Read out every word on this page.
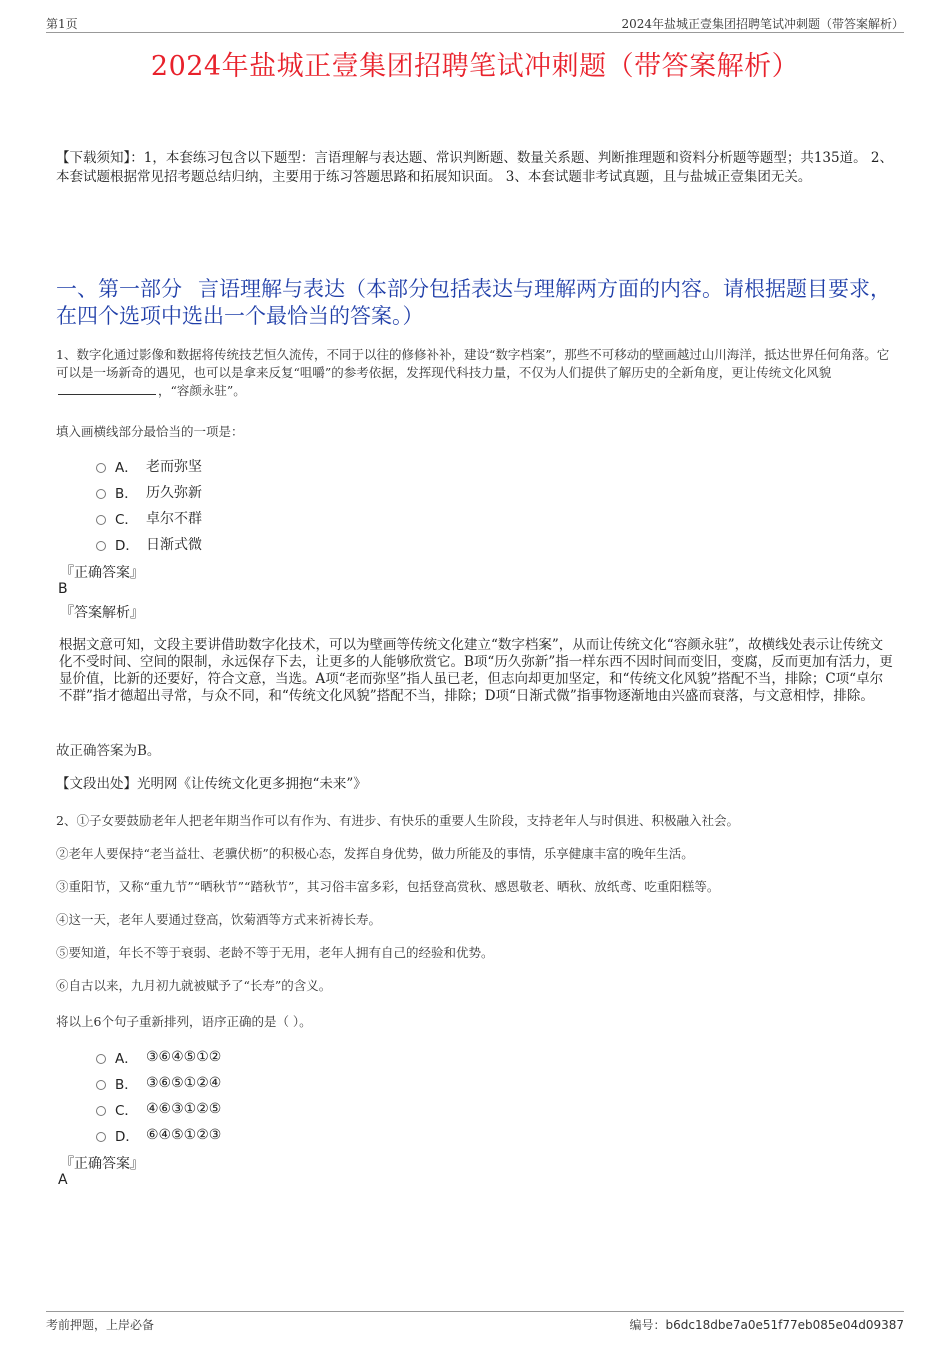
第1页	2024年盐城正壹集团招聘笔试冲刺题（带答案解析）
2024年盐城正壹集团招聘笔试冲刺题（带答案解析）
【下载须知】：1，本套练习包含以下题型：言语理解与表达题、常识判断题、数量关系题、判断推理题和资料分析题等题型；共135道。 2、本套试题根据常见招考题总结归纳，主要用于练习答题思路和拓展知识面。 3、本套试题非考试真题，且与盐城正壹集团无关。
一、第一部分 言语理解与表达（本部分包括表达与理解两方面的内容。请根据题目要求，在四个选项中选出一个最恰当的答案。）
1、数字化通过影像和数据将传统技艺恒久流传，不同于以往的修修补补，建设“数字档案”，那些不可移动的壁画越过山川海洋，抵达世界任何角落。它可以是一场新奇的遇见，也可以是拿来反复“咀嚼”的参考依据，发挥现代科技力量，不仅为人们提供了解历史的全新角度，更让传统文化风貌，“容颜永驻”。
填入画横线部分最恰当的一项是：
A． 老而弥坚
B． 历久弥新
C． 卓尔不群
D． 日渐式微
『正确答案』
B
『答案解析』
根据文意可知，文段主要讲借助数字化技术，可以为壁画等传统文化建立“数字档案”，从而让传统文化“容颜永驻”，故横线处表示让传统文化不受时间、空间的限制，永远保存下去，让更多的人能够欣赏它。B项“历久弥新”指一样东西不因时间而变旧，变腐，反而更加有活力，更显价值，比新的还要好，符合文意，当选。A项“老而弥坚”指人虽已老，但志向却更加坚定，和“传统文化风貌”搭配不当，排除；C项“卓尔不群”指才德超出寻常，与众不同，和“传统文化风貌”搭配不当，排除；D项“日渐式微”指事物逐渐地由兴盛而衰落，与文意相悖，排除。
故正确答案为B。
【文段出处】光明网《让传统文化更多拥抱“未来”》
2、①子女要鼓励老年人把老年期当作可以有作为、有进步、有快乐的重要人生阶段，支持老年人与时俱进、积极融入社会。
②老年人要保持“老当益壮、老骥伏枥”的积极心态，发挥自身优势，做力所能及的事情，乐享健康丰富的晚年生活。
③重阳节，又称“重九节”“晒秋节”“踏秋节”，其习俗丰富多彩，包括登高赏秋、感恩敬老、晒秋、放纸鸢、吃重阳糕等。
④这一天，老年人要通过登高，饮菊酒等方式来祈祷长寿。
⑤要知道，年长不等于衰弱、老龄不等于无用，老年人拥有自己的经验和优势。
⑥自古以来，九月初九就被赋予了“长寿”的含义。
将以上6个句子重新排列，语序正确的是（ ）。
A． ③⑥④⑤①②
B． ③⑥⑤①②④
C． ④⑥③①②⑤
D． ⑥④⑤①②③
『正确答案』
A
考前押题，上岸必备	编号：b6dc18dbe7a0e51f77eb085e04d09387
